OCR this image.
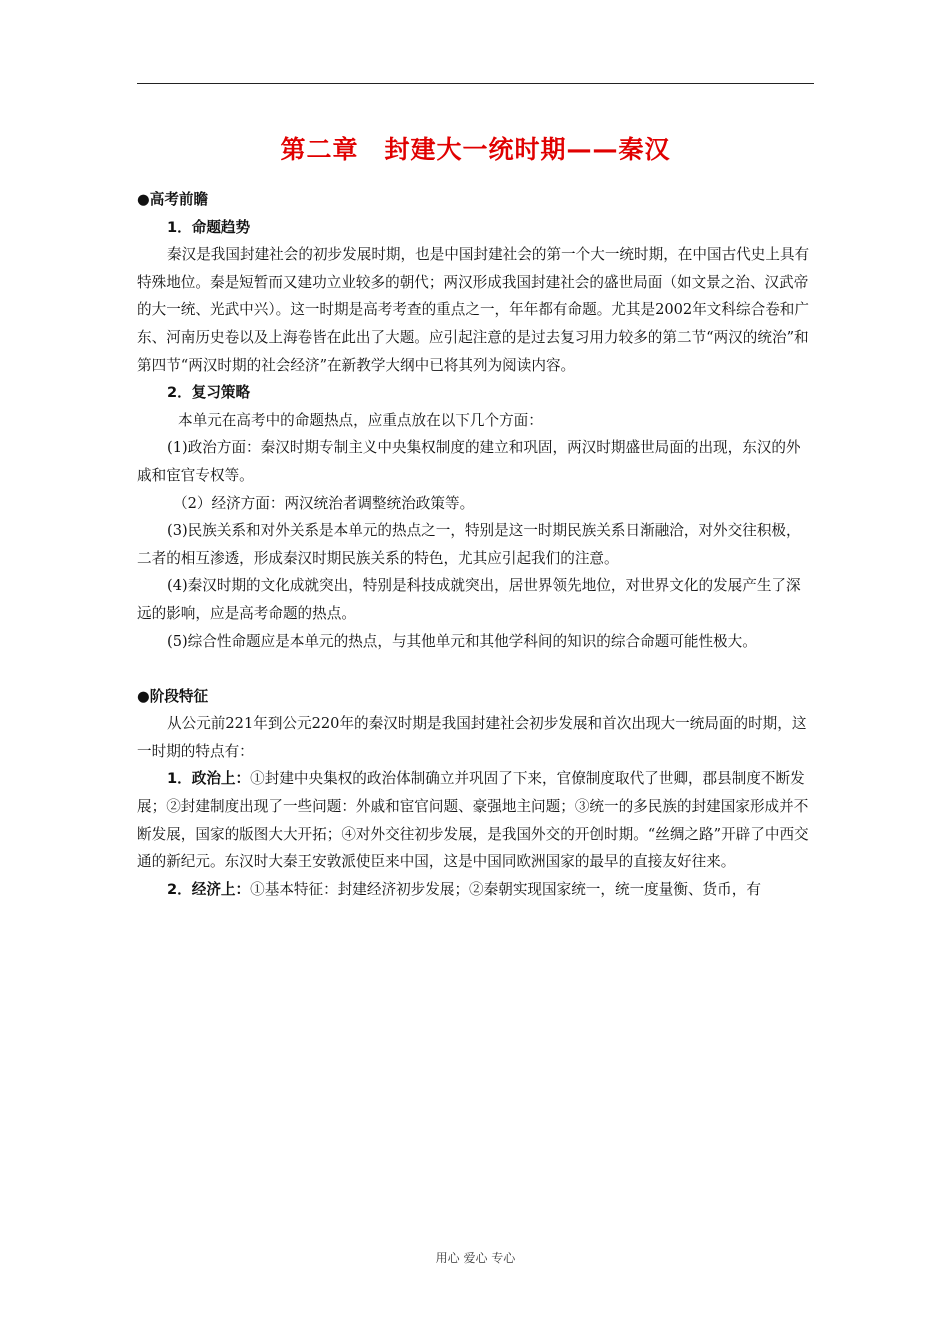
第二章　封建大一统时期——秦汉

●高考前瞻

1．命题趋势

秦汉是我国封建社会的初步发展时期，也是中国封建社会的第一个大一统时期，在中国古代史上具有特殊地位。秦是短暂而又建功立业较多的朝代；两汉形成我国封建社会的盛世局面（如文景之治、汉武帝的大一统、光武中兴）。这一时期是高考考查的重点之一，年年都有命题。尤其是2002年文科综合卷和广东、河南历史卷以及上海卷皆在此出了大题。应引起注意的是过去复习用力较多的第二节“两汉的统治”和第四节“两汉时期的社会经济”在新教学大纲中已将其列为阅读内容。

2．复习策略

本单元在高考中的命题热点，应重点放在以下几个方面：

(1)政治方面：秦汉时期专制主义中央集权制度的建立和巩固，两汉时期盛世局面的出现，东汉的外戚和宦官专权等。

（2）经济方面：两汉统治者调整统治政策等。

(3)民族关系和对外关系是本单元的热点之一，特别是这一时期民族关系日渐融洽，对外交往积极，二者的相互渗透，形成秦汉时期民族关系的特色，尤其应引起我们的注意。

(4)秦汉时期的文化成就突出，特别是科技成就突出，居世界领先地位，对世界文化的发展产生了深远的影响，应是高考命题的热点。

(5)综合性命题应是本单元的热点，与其他单元和其他学科间的知识的综合命题可能性极大。

●阶段特征

从公元前221年到公元220年的秦汉时期是我国封建社会初步发展和首次出现大一统局面的时期，这一时期的特点有：

1．政治上：①封建中央集权的政治体制确立并巩固了下来，官僚制度取代了世卿，郡县制度不断发展；②封建制度出现了一些问题：外戚和宦官问题、豪强地主问题；③统一的多民族的封建国家形成并不断发展，国家的版图大大开拓；④对外交往初步发展，是我国外交的开创时期。“丝绸之路”开辟了中西交通的新纪元。东汉时大秦王安敦派使臣来中国，这是中国同欧洲国家的最早的直接友好往来。

2．经济上：①基本特征：封建经济初步发展；②秦朝实现国家统一，统一度量衡、货币，有

用心 爱心 专心
